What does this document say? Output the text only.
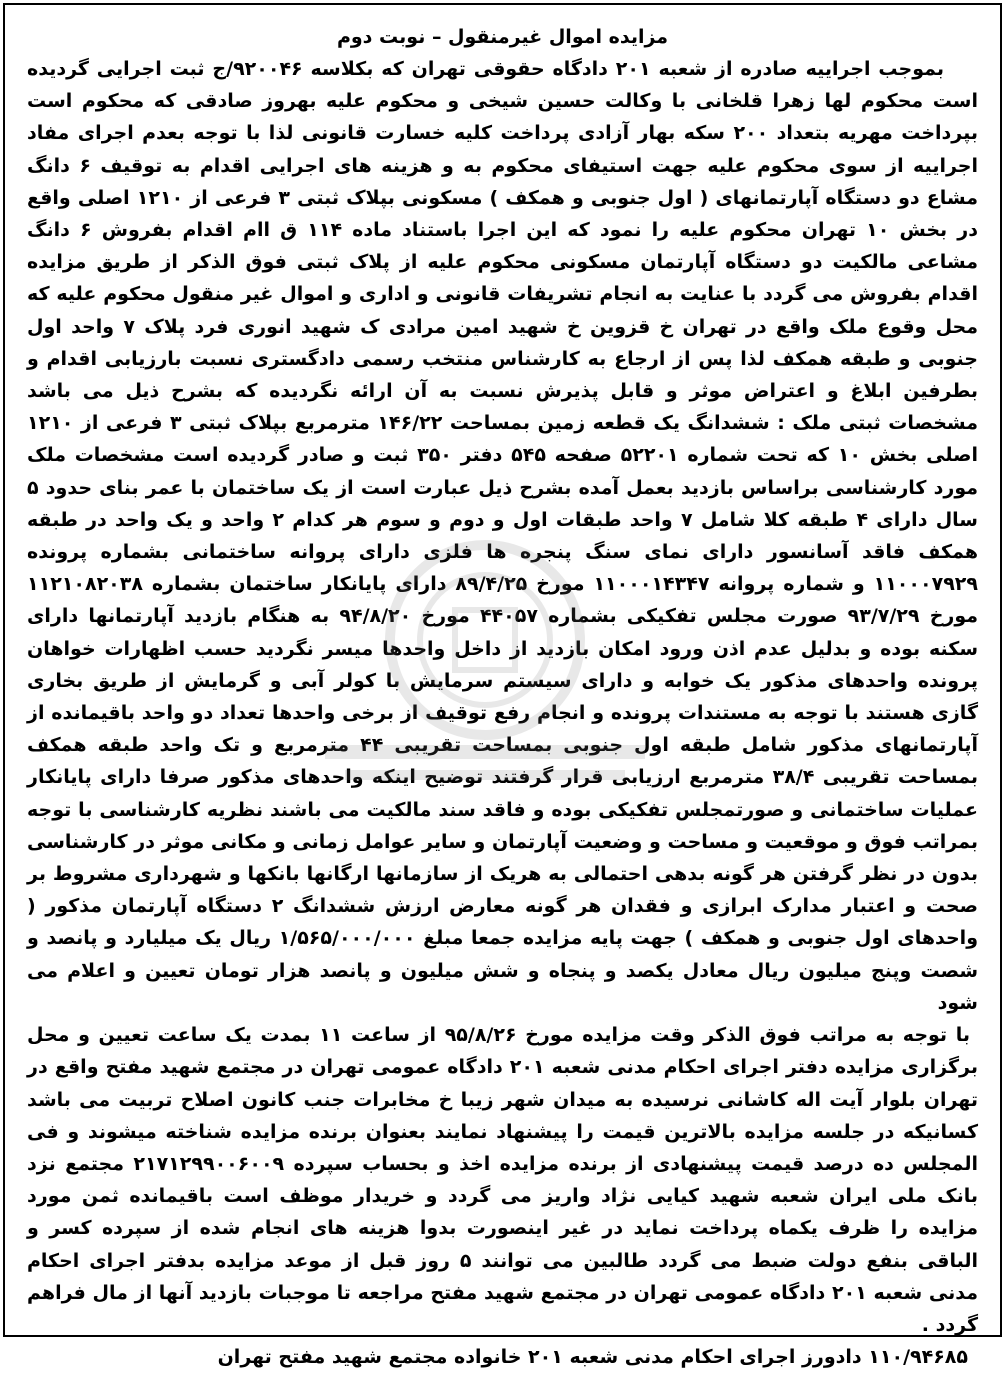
مزایده اموال غیرمنقول – نوبت دوم

بموجب اجراییه صادره از شعبه ۲۰۱ دادگاه حقوقی تهران که بکلاسه ۹۲۰۰۴۶/ج ثبت اجرایی گردیده است محکوم لها زهرا قلخانی با وکالت حسین شیخی و محکوم علیه بهروز صادقی که محکوم است بپرداخت مهریه بتعداد ۲۰۰ سکه بهار آزادی پرداخت کلیه خسارت قانونی لذا با توجه بعدم اجرای مفاد اجراییه از سوی محکوم علیه جهت استیفای محکوم به و هزینه های اجرایی اقدام به توقیف ۶ دانگ مشاع دو دستگاه آپارتمانهای ( اول جنوبی و همکف ) مسکونی بپلاک ثبتی ۳ فرعی از ۱۲۱۰ اصلی واقع در بخش ۱۰ تهران محکوم علیه را نمود که این اجرا باستناد ماده ۱۱۴ ق اام اقدام بفروش ۶ دانگ مشاعی مالکیت دو دستگاه آپارتمان مسکونی محکوم علیه از پلاک ثبتی فوق الذکر از طریق مزایده اقدام بفروش می گردد با عنایت به انجام تشریفات قانونی و اداری و اموال غیر منقول محکوم علیه که محل وقوع ملک واقع در تهران خ قزوین خ شهید امین مرادی ک شهید انوری فرد پلاک ۷ واحد اول جنوبی و طبقه همکف لذا پس از ارجاع به کارشناس منتخب رسمی دادگستری نسبت بارزیابی اقدام و بطرفین ابلاغ و اعتراض موثر و قابل پذیرش نسبت به آن ارائه نگردیده که بشرح ذیل می باشد مشخصات ثبتی ملک : ششدانگ یک قطعه زمین بمساحت ۱۴۶/۲۲ مترمربع بپلاک ثبتی ۳ فرعی از ۱۲۱۰ اصلی بخش ۱۰ که تحت شماره ۵۲۲۰۱ صفحه ۵۴۵ دفتر ۳۵۰ ثبت و صادر گردیده است مشخصات ملک مورد کارشناسی براساس بازدید بعمل آمده بشرح ذیل عبارت است از یک ساختمان با عمر بنای حدود ۵ سال دارای ۴ طبقه کلا شامل ۷ واحد طبقات اول و دوم و سوم هر کدام ۲ واحد و یک واحد در طبقه همکف فاقد آسانسور دارای نمای سنگ پنجره ها فلزی دارای پروانه ساختمانی بشماره پرونده ۱۱۰۰۰۷۹۲۹ و شماره پروانه ۱۱۰۰۰۱۴۳۴۷ مورخ ۸۹/۴/۲۵ دارای پایانکار ساختمان بشماره ۱۱۲۱۰۸۲۰۳۸ مورخ ۹۳/۷/۲۹ صورت مجلس تفکیکی بشماره ۴۴۰۵۷ مورخ ۹۴/۸/۲۰ به هنگام بازدید آپارتمانها دارای سکنه بوده و بدلیل عدم اذن ورود امکان بازدید از داخل واحدها میسر نگردید حسب اظهارات خواهان پرونده واحدهای مذکور یک خوابه و دارای سیستم سرمایش با کولر آبی و گرمایش از طریق بخاری گازی هستند با توجه به مستندات پرونده و انجام رفع توقیف از برخی واحدها تعداد دو واحد باقیمانده از آپارتمانهای مذکور شامل طبقه اول جنوبی بمساحت تقریبی ۴۴ مترمربع و تک واحد طبقه همکف بمساحت تقریبی ۳۸/۴ مترمربع ارزیابی قرار گرفتند توضیح اینکه واحدهای مذکور صرفا دارای پایانکار عملیات ساختمانی و صورتمجلس تفکیکی بوده و فاقد سند مالکیت می باشند نظریه کارشناسی با توجه بمراتب فوق و موقعیت و مساحت و وضعیت آپارتمان و سایر عوامل زمانی و مکانی موثر در کارشناسی بدون در نظر گرفتن هر گونه بدهی احتمالی به هریک از سازمانها ارگانها بانکها و شهرداری مشروط بر صحت و اعتبار مدارک ابرازی و فقدان هر گونه معارض ارزش ششدانگ ۲ دستگاه آپارتمان مذکور ( واحدهای اول جنوبی و همکف ) جهت پایه مزایده جمعا مبلغ ۱/۵۶۵/۰۰۰/۰۰۰ ریال یک میلیارد و پانصد و شصت وپنج میلیون ریال معادل یکصد و پنجاه و شش میلیون و پانصد هزار تومان تعیین و اعلام می شود

با توجه به مراتب فوق الذکر وقت مزایده مورخ ۹۵/۸/۲۶ از ساعت ۱۱ بمدت یک ساعت تعیین و محل برگزاری مزایده دفتر اجرای احکام مدنی شعبه ۲۰۱ دادگاه عمومی تهران در مجتمع شهید مفتح واقع در تهران بلوار آیت اله کاشانی نرسیده به میدان شهر زیبا خ مخابرات جنب کانون اصلاح تربیت می باشد کسانیکه در جلسه مزایده بالاترین قیمت را پیشنهاد نمایند بعنوان برنده مزایده شناخته میشوند و فی المجلس ده درصد قیمت پیشنهادی از برنده مزایده اخذ و بحساب سپرده ۲۱۷۱۲۹۹۰۰۶۰۰۹ مجتمع نزد بانک ملی ایران شعبه شهید کیایی نژاد واریز می گردد و خریدار موظف است باقیمانده ثمن مورد مزایده را ظرف یکماه پرداخت نماید در غیر اینصورت بدوا هزینه های انجام شده از سپرده کسر و الباقی بنفع دولت ضبط می گردد طالبین می توانند ۵ روز قبل از موعد مزایده بدفتر اجرای احکام مدنی شعبه ۲۰۱ دادگاه عمومی تهران در مجتمع شهید مفتح مراجعه تا موجبات بازدید آنها از مال فراهم گردد .

۱۱۰/۹۴۶۸۵ دادورز اجرای احکام مدنی شعبه ۲۰۱ خانواده مجتمع شهید مفتح تهران
